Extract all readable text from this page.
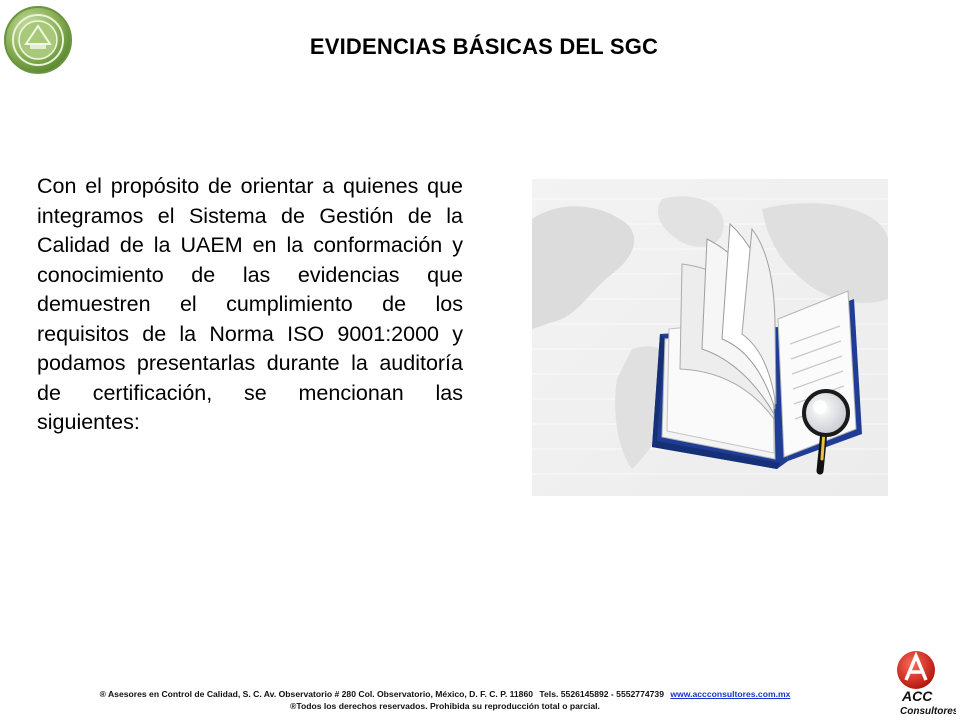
EVIDENCIAS BÁSICAS DEL SGC

Con el propósito de orientar a quienes que integramos el Sistema de Gestión de la Calidad de la UAEM en la conformación y conocimiento de las evidencias que demuestren el cumplimiento de los requisitos de la Norma ISO 9001:2000 y podamos presentarlas durante la auditoría de certificación, se mencionan las siguientes:

® Asesores en Control de Calidad, S. C. Av. Observatorio # 280 Col. Observatorio, México, D. F. C. P. 11860 Tels. 5526145892 - 5552774739 www.accconsultores.com.mx
®Todos los derechos reservados. Prohibida su reproducción total o parcial.
ACC
Consultores
